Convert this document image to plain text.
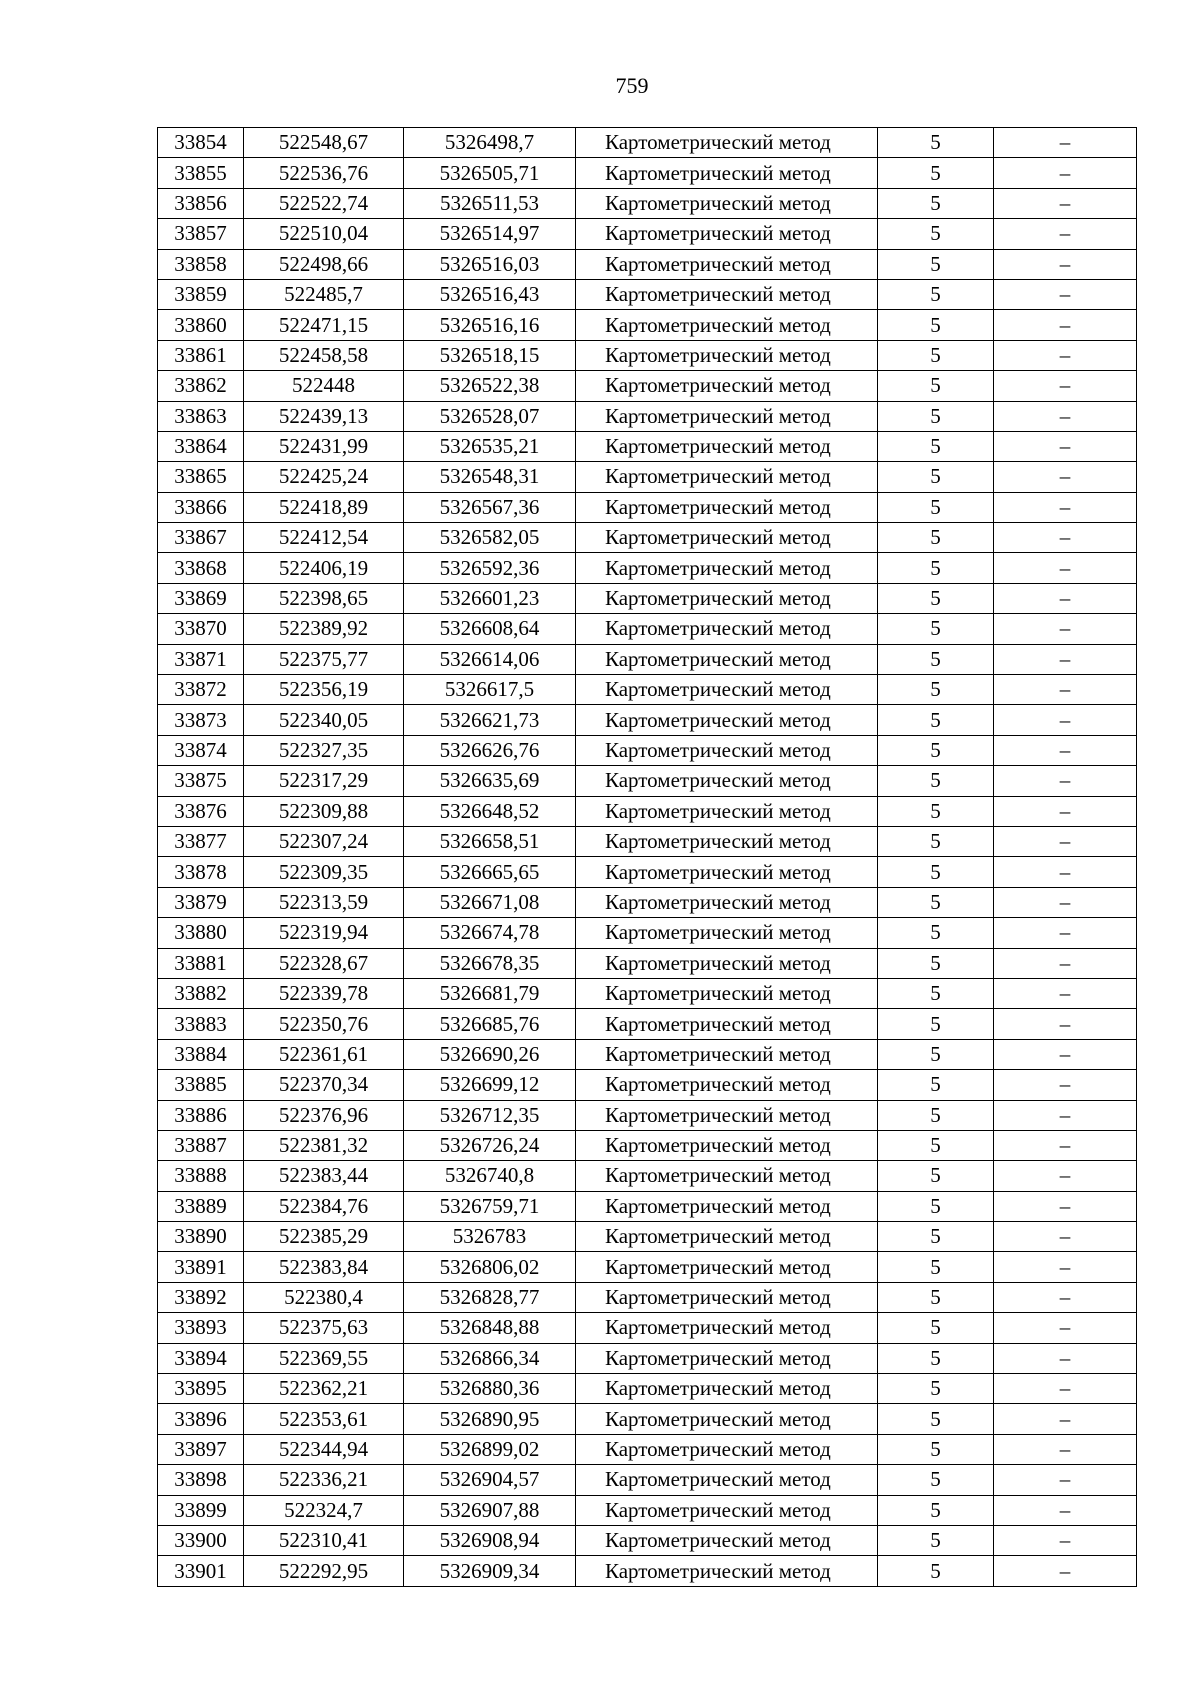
759
33854	522548,67	5326498,7	Картометрический метод	5	–
33855	522536,76	5326505,71	Картометрический метод	5	–
33856	522522,74	5326511,53	Картометрический метод	5	–
33857	522510,04	5326514,97	Картометрический метод	5	–
33858	522498,66	5326516,03	Картометрический метод	5	–
33859	522485,7	5326516,43	Картометрический метод	5	–
33860	522471,15	5326516,16	Картометрический метод	5	–
33861	522458,58	5326518,15	Картометрический метод	5	–
33862	522448	5326522,38	Картометрический метод	5	–
33863	522439,13	5326528,07	Картометрический метод	5	–
33864	522431,99	5326535,21	Картометрический метод	5	–
33865	522425,24	5326548,31	Картометрический метод	5	–
33866	522418,89	5326567,36	Картометрический метод	5	–
33867	522412,54	5326582,05	Картометрический метод	5	–
33868	522406,19	5326592,36	Картометрический метод	5	–
33869	522398,65	5326601,23	Картометрический метод	5	–
33870	522389,92	5326608,64	Картометрический метод	5	–
33871	522375,77	5326614,06	Картометрический метод	5	–
33872	522356,19	5326617,5	Картометрический метод	5	–
33873	522340,05	5326621,73	Картометрический метод	5	–
33874	522327,35	5326626,76	Картометрический метод	5	–
33875	522317,29	5326635,69	Картометрический метод	5	–
33876	522309,88	5326648,52	Картометрический метод	5	–
33877	522307,24	5326658,51	Картометрический метод	5	–
33878	522309,35	5326665,65	Картометрический метод	5	–
33879	522313,59	5326671,08	Картометрический метод	5	–
33880	522319,94	5326674,78	Картометрический метод	5	–
33881	522328,67	5326678,35	Картометрический метод	5	–
33882	522339,78	5326681,79	Картометрический метод	5	–
33883	522350,76	5326685,76	Картометрический метод	5	–
33884	522361,61	5326690,26	Картометрический метод	5	–
33885	522370,34	5326699,12	Картометрический метод	5	–
33886	522376,96	5326712,35	Картометрический метод	5	–
33887	522381,32	5326726,24	Картометрический метод	5	–
33888	522383,44	5326740,8	Картометрический метод	5	–
33889	522384,76	5326759,71	Картометрический метод	5	–
33890	522385,29	5326783	Картометрический метод	5	–
33891	522383,84	5326806,02	Картометрический метод	5	–
33892	522380,4	5326828,77	Картометрический метод	5	–
33893	522375,63	5326848,88	Картометрический метод	5	–
33894	522369,55	5326866,34	Картометрический метод	5	–
33895	522362,21	5326880,36	Картометрический метод	5	–
33896	522353,61	5326890,95	Картометрический метод	5	–
33897	522344,94	5326899,02	Картометрический метод	5	–
33898	522336,21	5326904,57	Картометрический метод	5	–
33899	522324,7	5326907,88	Картометрический метод	5	–
33900	522310,41	5326908,94	Картометрический метод	5	–
33901	522292,95	5326909,34	Картометрический метод	5	–
